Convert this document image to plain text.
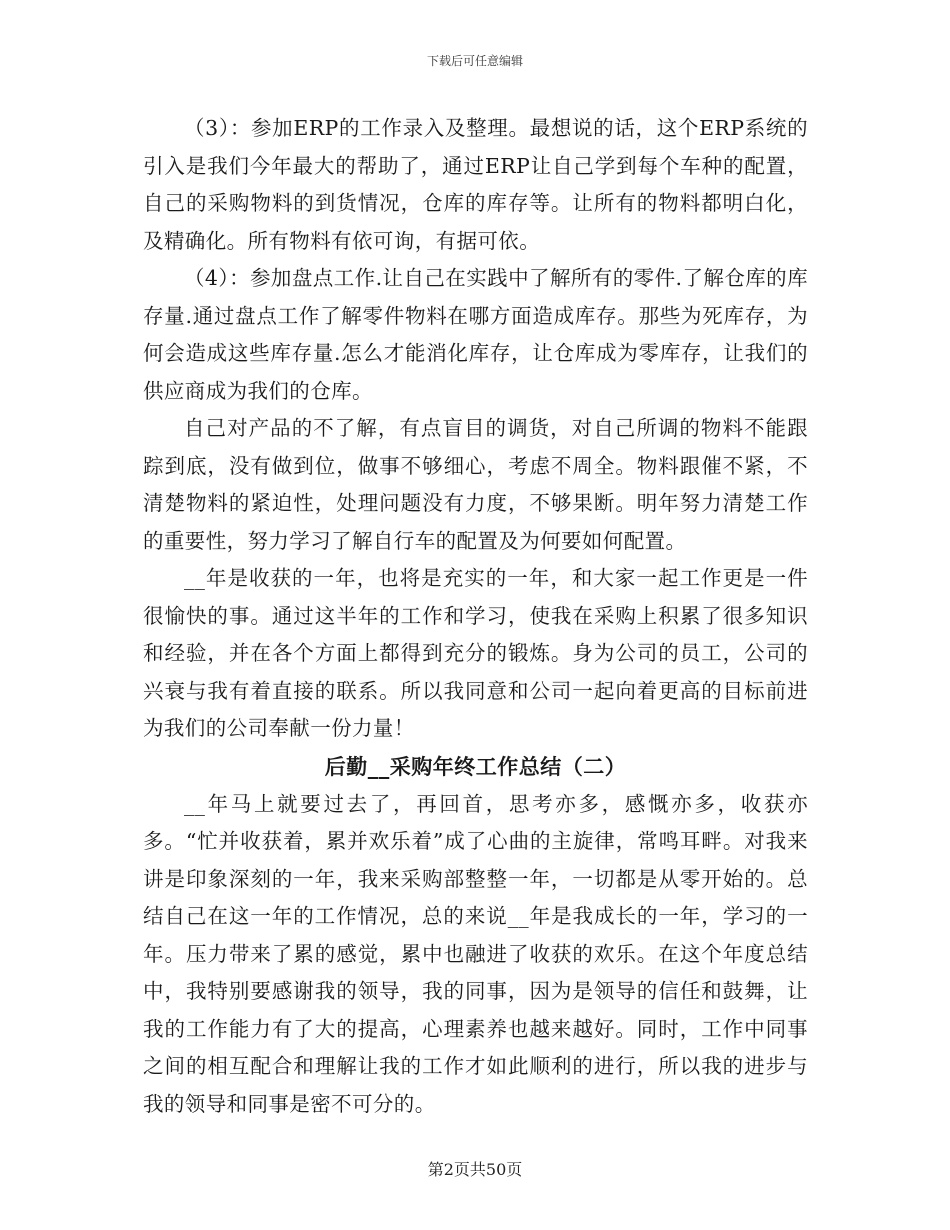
下载后可任意编辑

（3）：参加ERP的工作录入及整理。最想说的话，这个ERP系统的引入是我们今年最大的帮助了，通过ERP让自己学到每个车种的配置，自己的采购物料的到货情况，仓库的库存等。让所有的物料都明白化，及精确化。所有物料有依可询，有据可依。

（4）：参加盘点工作.让自己在实践中了解所有的零件.了解仓库的库存量.通过盘点工作了解零件物料在哪方面造成库存。那些为死库存，为何会造成这些库存量.怎么才能消化库存，让仓库成为零库存，让我们的供应商成为我们的仓库。

自己对产品的不了解，有点盲目的调货，对自己所调的物料不能跟踪到底，没有做到位，做事不够细心，考虑不周全。物料跟催不紧，不清楚物料的紧迫性，处理问题没有力度，不够果断。明年努力清楚工作的重要性，努力学习了解自行车的配置及为何要如何配置。

__年是收获的一年，也将是充实的一年，和大家一起工作更是一件很愉快的事。通过这半年的工作和学习，使我在采购上积累了很多知识和经验，并在各个方面上都得到充分的锻炼。身为公司的员工，公司的兴衰与我有着直接的联系。所以我同意和公司一起向着更高的目标前进为我们的公司奉献一份力量！

后勤__采购年终工作总结（二）

__年马上就要过去了，再回首，思考亦多，感慨亦多，收获亦多。“忙并收获着，累并欢乐着”成了心曲的主旋律，常鸣耳畔。对我来讲是印象深刻的一年，我来采购部整整一年，一切都是从零开始的。总结自己在这一年的工作情况，总的来说__年是我成长的一年，学习的一年。压力带来了累的感觉，累中也融进了收获的欢乐。在这个年度总结中，我特别要感谢我的领导，我的同事，因为是领导的信任和鼓舞，让我的工作能力有了大的提高，心理素养也越来越好。同时，工作中同事之间的相互配合和理解让我的工作才如此顺利的进行，所以我的进步与我的领导和同事是密不可分的。

第2页共50页
